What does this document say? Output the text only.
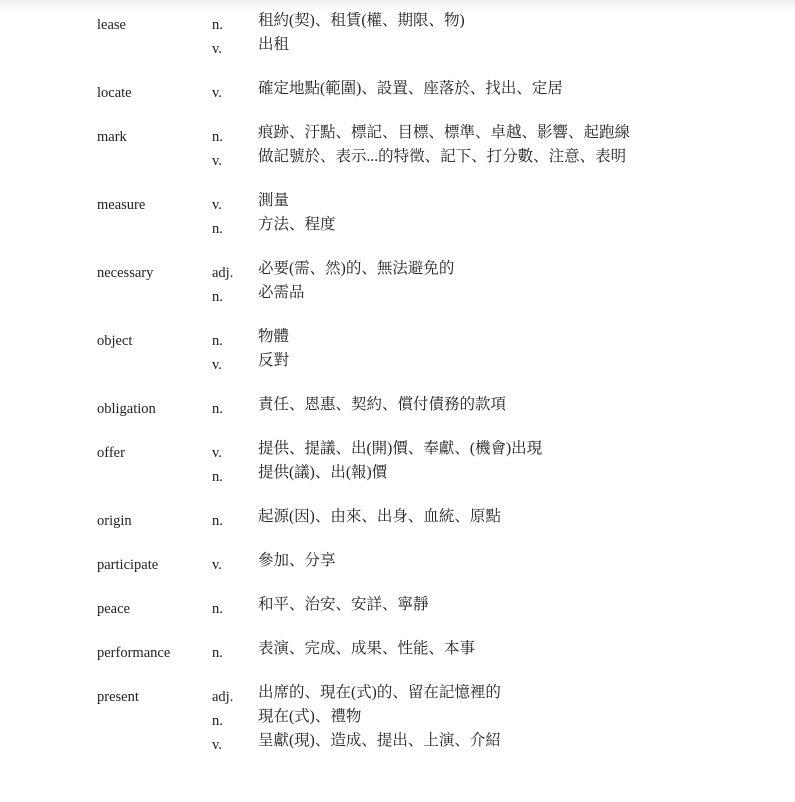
lease	n. 租約(契)、租賃(權、期限、物)
v. 出租
locate	v. 確定地點(範圍)、設置、座落於、找出、定居
mark	n. 痕跡、汙點、標記、目標、標準、卓越、影響、起跑線
v. 做記號於、表示...的特徵、記下、打分數、注意、表明
measure	v. 測量
n. 方法、程度
necessary	adj. 必要(需、然)的、無法避免的
n. 必需品
object	n. 物體
v. 反對
obligation	n. 責任、恩惠、契約、償付債務的款項
offer	v. 提供、提議、出(開)價、奉獻、(機會)出現
n. 提供(議)、出(報)價
origin	n. 起源(因)、由來、出身、血統、原點
participate	v. 參加、分享
peace	n. 和平、治安、安詳、寧靜
performance	n. 表演、完成、成果、性能、本事
present	adj. 出席的、現在(式)的、留在記憶裡的
n. 現在(式)、禮物
v. 呈獻(現)、造成、提出、上演、介紹
